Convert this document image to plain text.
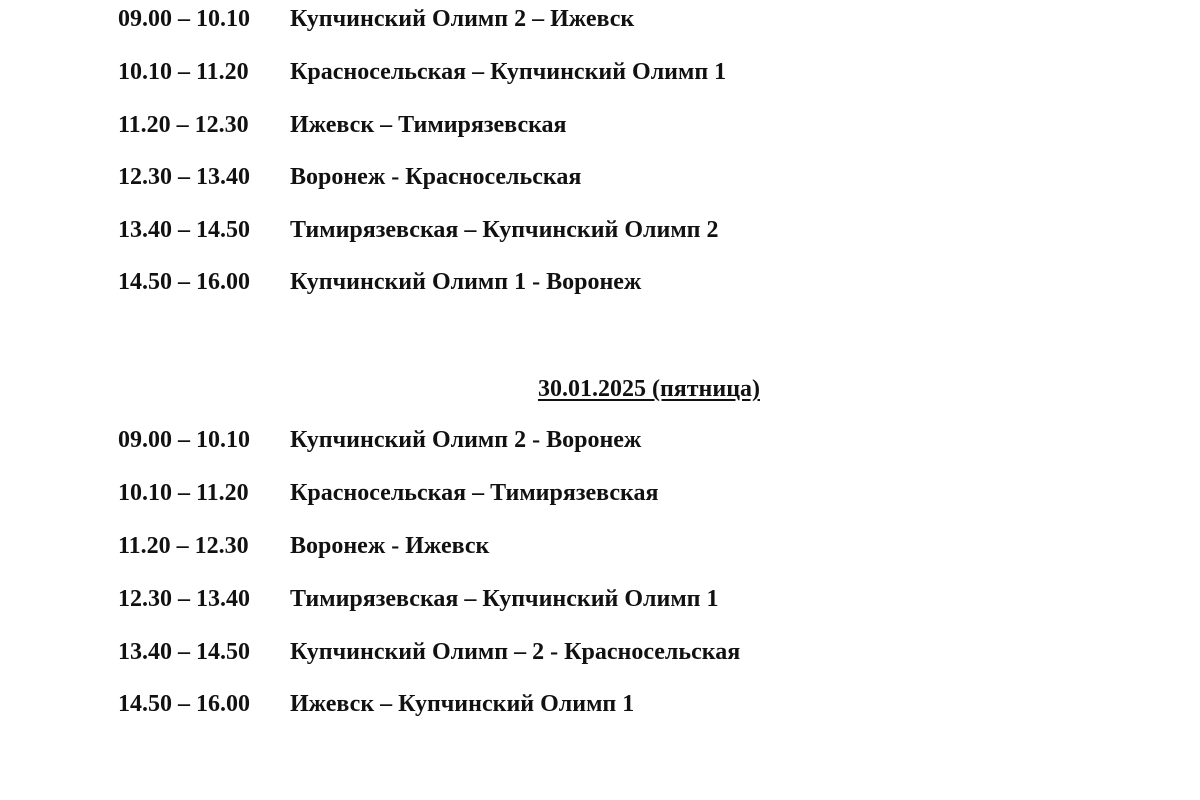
09.00 – 10.10 Купчинский Олимп 2 – Ижевск
10.10 – 11.20 Красносельская – Купчинский Олимп 1
11.20 – 12.30 Ижевск – Тимирязевская
12.30 – 13.40 Воронеж - Красносельская
13.40 – 14.50 Тимирязевская – Купчинский Олимп 2
14.50 – 16.00 Купчинский Олимп 1 - Воронеж
30.01.2025 (пятница)
09.00 – 10.10 Купчинский Олимп 2 - Воронеж
10.10 – 11.20 Красносельская – Тимирязевская
11.20 – 12.30 Воронеж - Ижевск
12.30 – 13.40 Тимирязевская – Купчинский Олимп 1
13.40 – 14.50 Купчинский Олимп – 2 - Красносельская
14.50 – 16.00 Ижевск – Купчинский Олимп 1
